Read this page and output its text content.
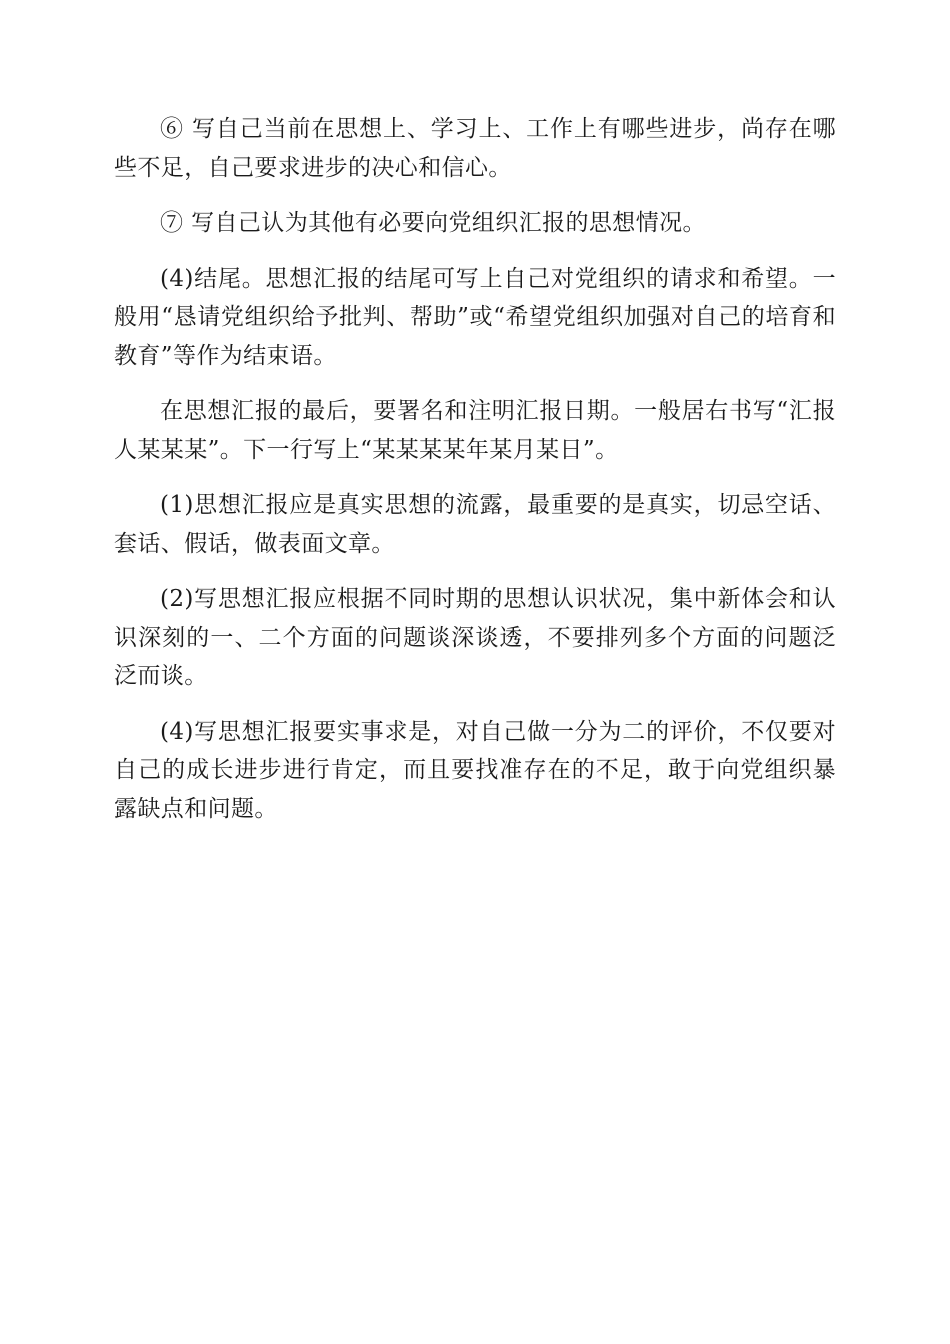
⑥ 写自己当前在思想上、学习上、工作上有哪些进步，尚存在哪些不足，自己要求进步的决心和信心。

⑦ 写自己认为其他有必要向党组织汇报的思想情况。

(4)结尾。思想汇报的结尾可写上自己对党组织的请求和希望。一般用“恳请党组织给予批判、帮助”或“希望党组织加强对自己的培育和教育”等作为结束语。

在思想汇报的最后，要署名和注明汇报日期。一般居右书写“汇报人某某某”。下一行写上“某某某某年某月某日”。

(1)思想汇报应是真实思想的流露，最重要的是真实，切忌空话、套话、假话，做表面文章。

(2)写思想汇报应根据不同时期的思想认识状况，集中新体会和认识深刻的一、二个方面的问题谈深谈透，不要排列多个方面的问题泛泛而谈。

(4)写思想汇报要实事求是，对自己做一分为二的评价，不仅要对自己的成长进步进行肯定，而且要找准存在的不足，敢于向党组织暴露缺点和问题。
